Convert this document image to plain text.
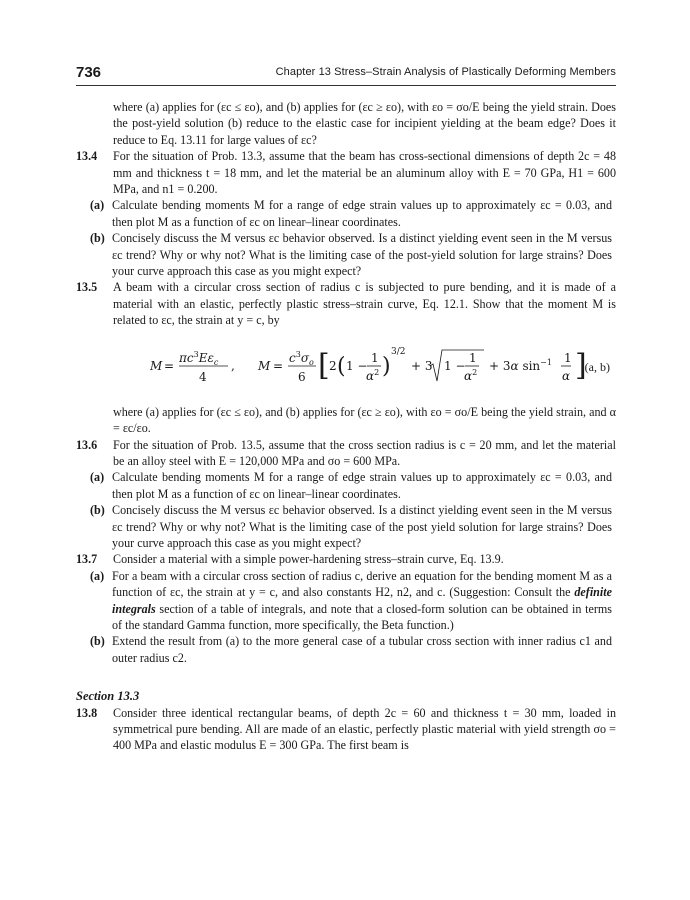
736	Chapter 13 Stress–Strain Analysis of Plastically Deforming Members
where (a) applies for (εc ≤ εo), and (b) applies for (εc ≥ εo), with εo = σo/E being the yield strain. Does the post-yield solution (b) reduce to the elastic case for incipient yielding at the beam edge? Does it reduce to Eq. 13.11 for large values of εc?
13.4 For the situation of Prob. 13.3, assume that the beam has cross-sectional dimensions of depth 2c = 48 mm and thickness t = 18 mm, and let the material be an aluminum alloy with E = 70 GPa, H1 = 600 MPa, and n1 = 0.200.
(a) Calculate bending moments M for a range of edge strain values up to approximately εc = 0.03, and then plot M as a function of εc on linear–linear coordinates.
(b) Concisely discuss the M versus εc behavior observed. Is a distinct yielding event seen in the M versus εc trend? Why or why not? What is the limiting case of the post-yield solution for large strains? Does your curve approach this case as you might expect?
13.5 A beam with a circular cross section of radius c is subjected to pure bending, and it is made of a material with an elastic, perfectly plastic stress–strain curve, Eq. 12.1. Show that the moment M is related to εc, the strain at y = c, by
M =
$\pi c^3E\varepsilon_c$
4
, M =
$c^3\sigma_o$
6 [ 2 ( 1 −
1
$\alpha^2$ )
3/2
+ 3 1 −
1
$\alpha^2 + 3\alpha$ $\sin^{-1} 1$
α ]
(a, b)
where (a) applies for (εc ≤ εo), and (b) applies for (εc ≥ εo), with εo = σo/E being the yield strain, and α = εc/εo.
13.6 For the situation of Prob. 13.5, assume that the cross section radius is c = 20 mm, and let the material be an alloy steel with E = 120,000 MPa and σo = 600 MPa.
(a) Calculate bending moments M for a range of edge strain values up to approximately εc = 0.03, and then plot M as a function of εc on linear–linear coordinates.
(b) Concisely discuss the M versus εc behavior observed. Is a distinct yielding event seen in the M versus εc trend? Why or why not? What is the limiting case of the post yield solution for large strains? Does your curve approach this case as you might expect?
13.7 Consider a material with a simple power-hardening stress–strain curve, Eq. 13.9.
(a) For a beam with a circular cross section of radius c, derive an equation for the bending moment M as a function of εc, the strain at y = c, and also constants H2, n2, and c. (Suggestion: Consult the definite integrals section of a table of integrals, and note that a closed-form solution can be obtained in terms of the standard Gamma function, more specifically, the Beta function.)
(b) Extend the result from (a) to the more general case of a tubular cross section with inner radius c1 and outer radius c2.
Section 13.3
13.8 Consider three identical rectangular beams, of depth 2c = 60 and thickness t = 30 mm, loaded in symmetrical pure bending. All are made of an elastic, perfectly plastic material with yield strength σo = 400 MPa and elastic modulus E = 300 GPa. The first beam is
